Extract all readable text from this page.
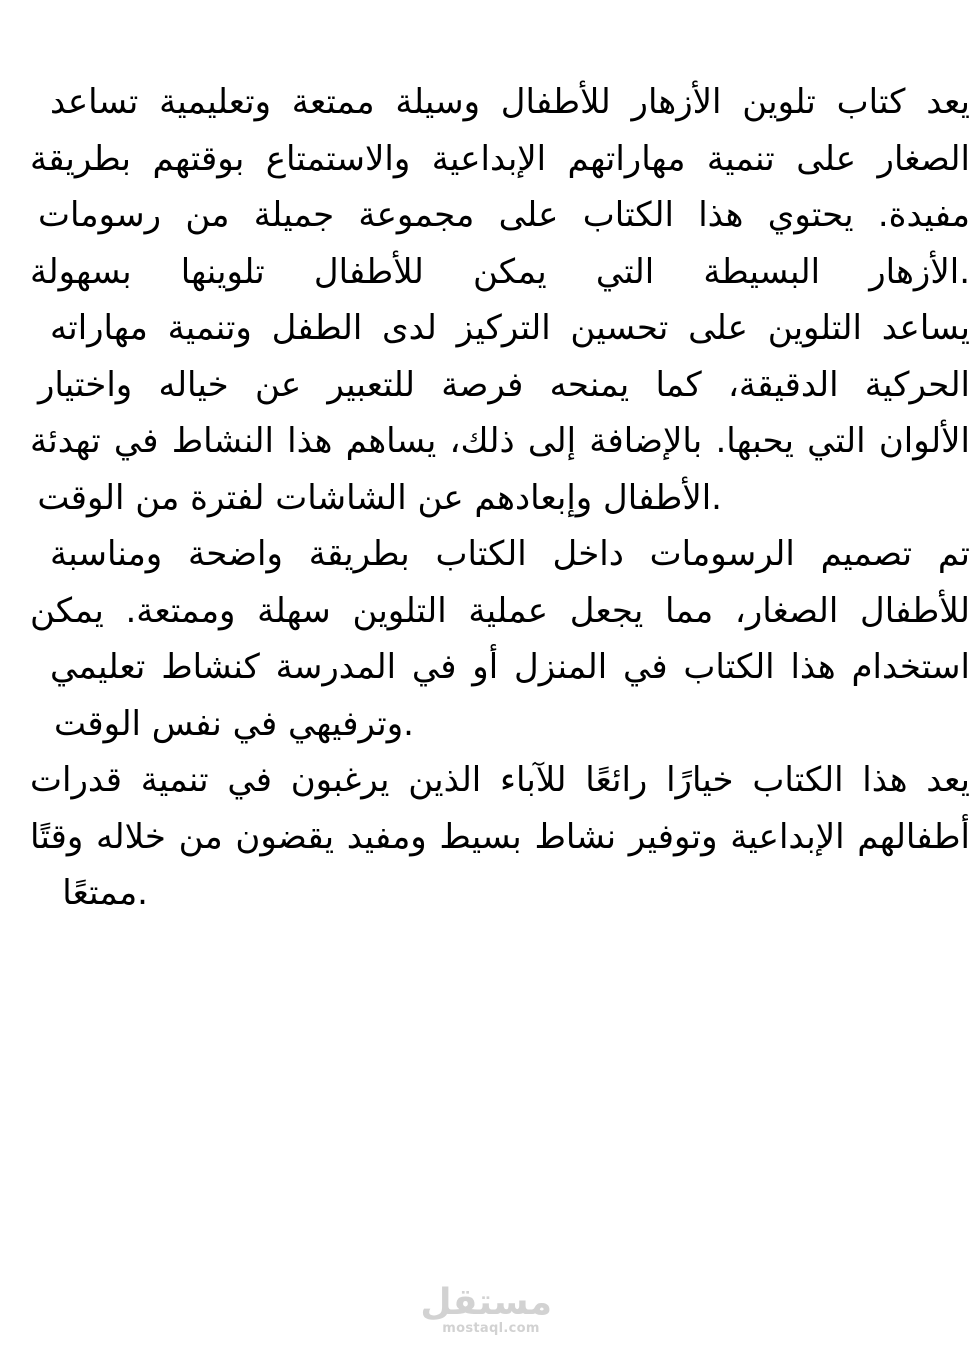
يعد كتاب تلوين الأزهار للأطفال وسيلة ممتعة وتعليمية تساعد
الصغار على تنمية مهاراتهم الإبداعية والاستمتاع بوقتهم بطريقة
مفيدة. يحتوي هذا الكتاب على مجموعة جميلة من رسومات
.الأزهار البسيطة التي يمكن للأطفال تلوينها بسهولة
يساعد التلوين على تحسين التركيز لدى الطفل وتنمية مهاراته
الحركية الدقيقة، كما يمنحه فرصة للتعبير عن خياله واختيار
الألوان التي يحبها. بالإضافة إلى ذلك، يساهم هذا النشاط في تهدئة
.الأطفال وإبعادهم عن الشاشات لفترة من الوقت
تم تصميم الرسومات داخل الكتاب بطريقة واضحة ومناسبة
للأطفال الصغار، مما يجعل عملية التلوين سهلة وممتعة. يمكن
استخدام هذا الكتاب في المنزل أو في المدرسة كنشاط تعليمي
.وترفيهي في نفس الوقت
يعد هذا الكتاب خيارًا رائعًا للآباء الذين يرغبون في تنمية قدرات
أطفالهم الإبداعية وتوفير نشاط بسيط ومفيد يقضون من خلاله وقتًا
.ممتعًا
مستقل
mostaql.com
